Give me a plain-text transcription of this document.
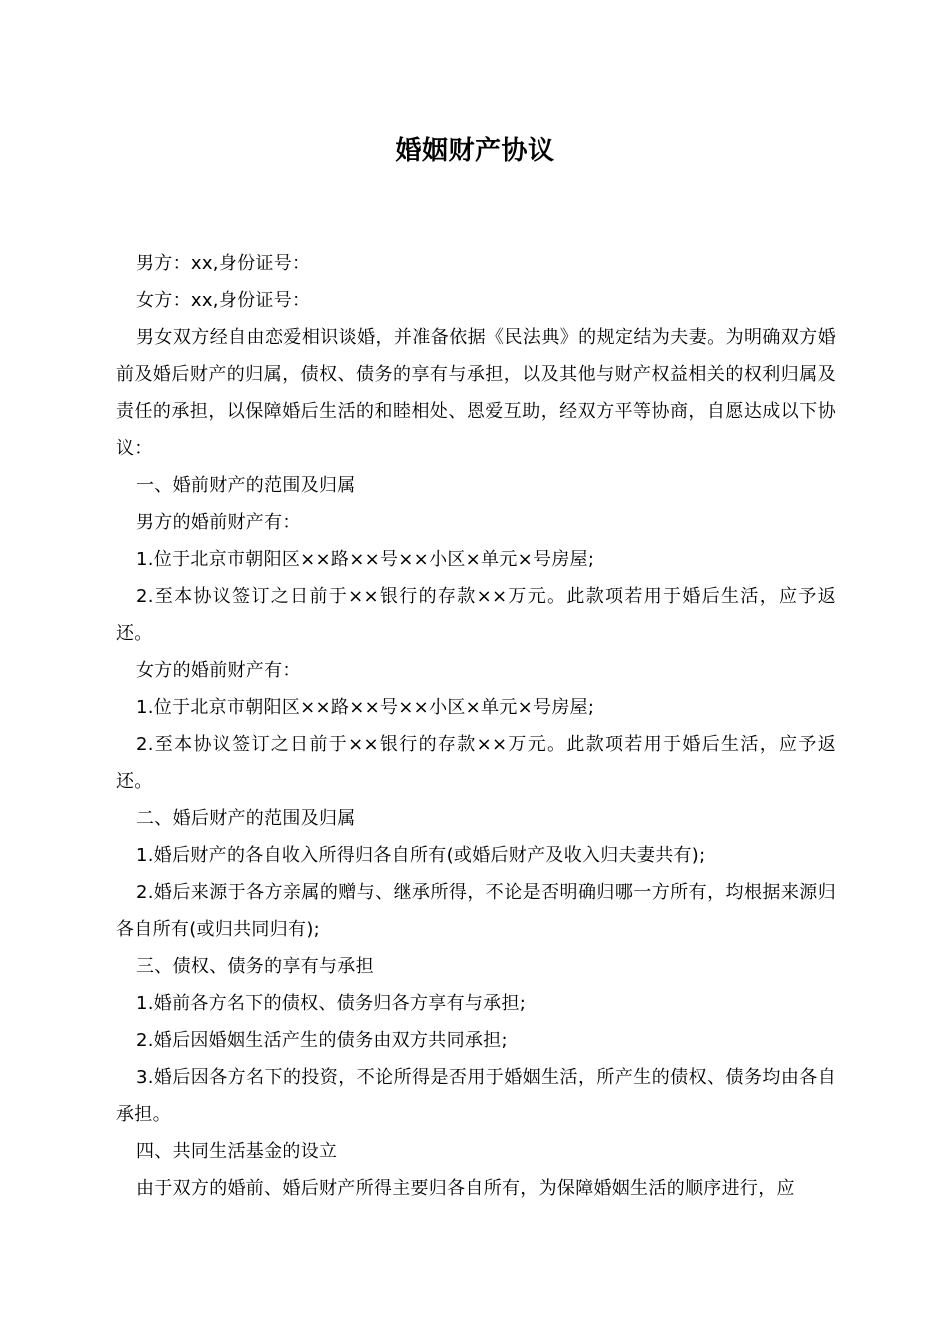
婚姻财产协议

男方：xx,身份证号：

女方：xx,身份证号：

男女双方经自由恋爱相识谈婚，并准备依据《民法典》的规定结为夫妻。为明确双方婚前及婚后财产的归属，债权、债务的享有与承担，以及其他与财产权益相关的权利归属及责任的承担，以保障婚后生活的和睦相处、恩爱互助，经双方平等协商，自愿达成以下协议：

一、婚前财产的范围及归属

男方的婚前财产有：

1.位于北京市朝阳区××路××号××小区×单元×号房屋;

2.至本协议签订之日前于××银行的存款××万元。此款项若用于婚后生活，应予返还。

女方的婚前财产有：

1.位于北京市朝阳区××路××号××小区×单元×号房屋;

2.至本协议签订之日前于××银行的存款××万元。此款项若用于婚后生活，应予返还。

二、婚后财产的范围及归属

1.婚后财产的各自收入所得归各自所有(或婚后财产及收入归夫妻共有);

2.婚后来源于各方亲属的赠与、继承所得，不论是否明确归哪一方所有，均根据来源归各自所有(或归共同归有);

三、债权、债务的享有与承担

1.婚前各方名下的债权、债务归各方享有与承担;

2.婚后因婚姻生活产生的债务由双方共同承担;

3.婚后因各方名下的投资，不论所得是否用于婚姻生活，所产生的债权、债务均由各自承担。

四、共同生活基金的设立

由于双方的婚前、婚后财产所得主要归各自所有，为保障婚姻生活的顺序进行，应
